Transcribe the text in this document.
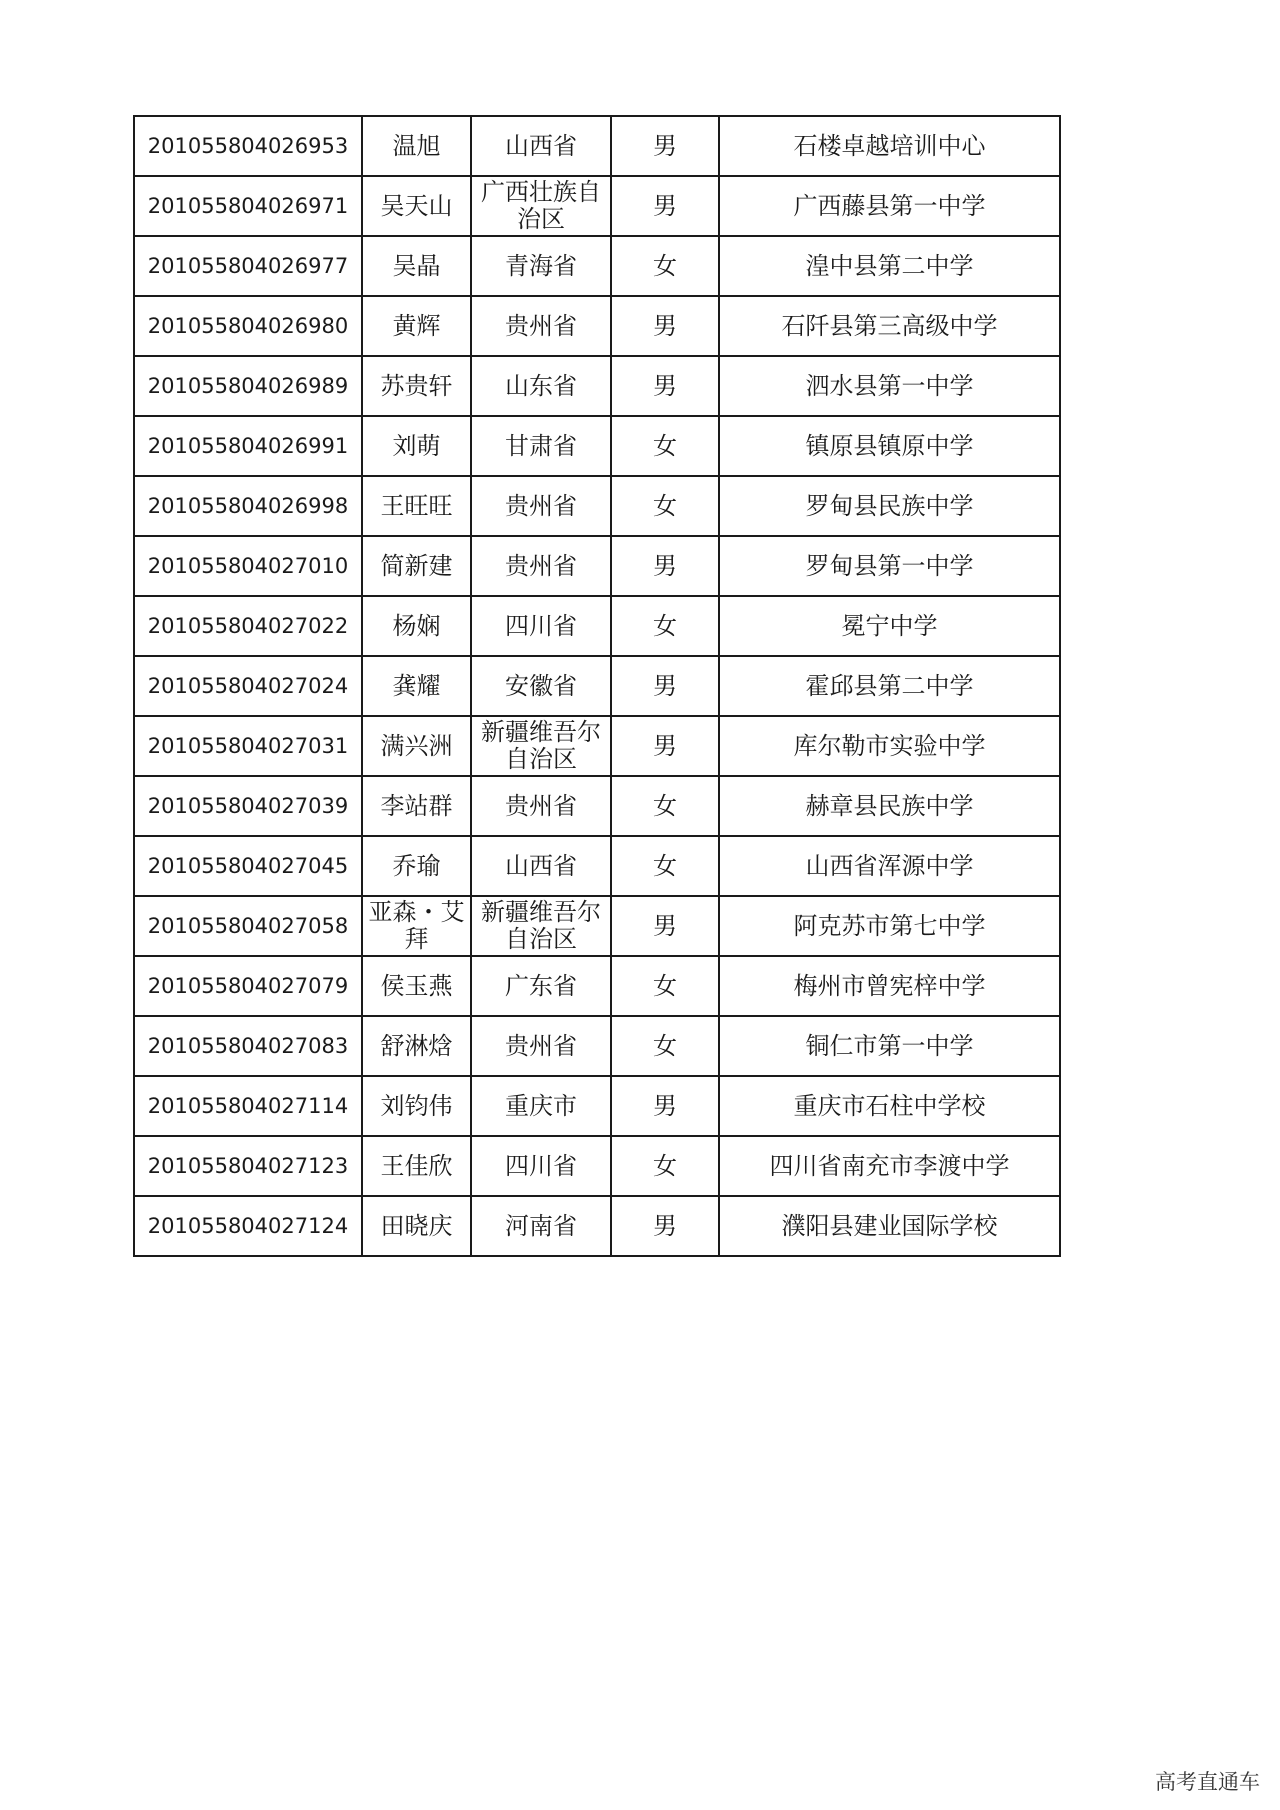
201055804026953	温旭	山西省	男	石楼卓越培训中心
201055804026971	吴天山	广西壮族自治区	男	广西藤县第一中学
201055804026977	吴晶	青海省	女	湟中县第二中学
201055804026980	黄辉	贵州省	男	石阡县第三高级中学
201055804026989	苏贵轩	山东省	男	泗水县第一中学
201055804026991	刘萌	甘肃省	女	镇原县镇原中学
201055804026998	王旺旺	贵州省	女	罗甸县民族中学
201055804027010	简新建	贵州省	男	罗甸县第一中学
201055804027022	杨娴	四川省	女	冕宁中学
201055804027024	龚耀	安徽省	男	霍邱县第二中学
201055804027031	满兴洲	新疆维吾尔自治区	男	库尔勒市实验中学
201055804027039	李站群	贵州省	女	赫章县民族中学
201055804027045	乔瑜	山西省	女	山西省浑源中学
201055804027058	亚森・艾拜	新疆维吾尔自治区	男	阿克苏市第七中学
201055804027079	侯玉燕	广东省	女	梅州市曾宪梓中学
201055804027083	舒淋焓	贵州省	女	铜仁市第一中学
201055804027114	刘钧伟	重庆市	男	重庆市石柱中学校
201055804027123	王佳欣	四川省	女	四川省南充市李渡中学
201055804027124	田晓庆	河南省	男	濮阳县建业国际学校
高考直通车
